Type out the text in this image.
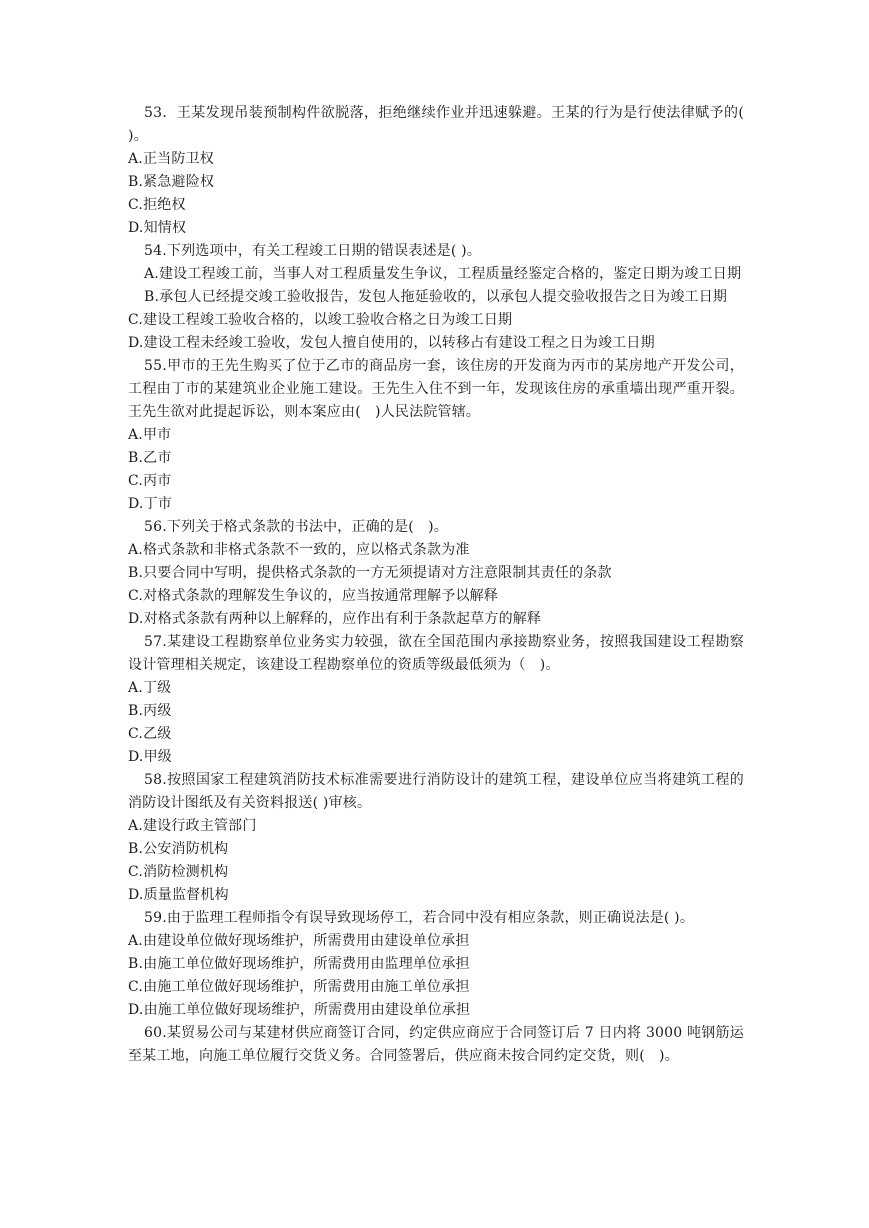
53．王某发现吊装预制构件欲脱落，拒绝继续作业并迅速躲避。王某的行为是行使法律赋予的( )。

A.正当防卫权

B.紧急避险权

C.拒绝权

D.知情权

54.下列选项中，有关工程竣工日期的错误表述是( )。

A.建设工程竣工前，当事人对工程质量发生争议，工程质量经鉴定合格的，鉴定日期为竣工日期

B.承包人已经提交竣工验收报告，发包人拖延验收的，以承包人提交验收报告之日为竣工日期

C.建设工程竣工验收合格的，以竣工验收合格之日为竣工日期

D.建设工程未经竣工验收，发包人擅自使用的，以转移占有建设工程之日为竣工日期

55.甲市的王先生购买了位于乙市的商品房一套，该住房的开发商为丙市的某房地产开发公司，工程由丁市的某建筑业企业施工建设。王先生入住不到一年，发现该住房的承重墙出现严重开裂。王先生欲对此提起诉讼，则本案应由(　)人民法院管辖。

A.甲市

B.乙市

C.丙市

D.丁市

56.下列关于格式条款的书法中，正确的是(　)。

A.格式条款和非格式条款不一致的，应以格式条款为准

B.只要合同中写明，提供格式条款的一方无须提请对方注意限制其责任的条款

C.对格式条款的理解发生争议的，应当按通常理解予以解释

D.对格式条款有两种以上解释的，应作出有利于条款起草方的解释

57.某建设工程勘察单位业务实力较强，欲在全国范围内承接勘察业务，按照我国建设工程勘察设计管理相关规定，该建设工程勘察单位的资质等级最低须为（　)。

A.丁级

B.丙级

C.乙级

D.甲级

58.按照国家工程建筑消防技术标准需要进行消防设计的建筑工程，建设单位应当将建筑工程的消防设计图纸及有关资料报送( )审核。

A.建设行政主管部门

B.公安消防机构

C.消防检测机构

D.质量监督机构

59.由于监理工程师指令有误导致现场停工，若合同中没有相应条款，则正确说法是( )。

A.由建设单位做好现场维护，所需费用由建设单位承担

B.由施工单位做好现场维护，所需费用由监理单位承担

C.由施工单位做好现场维护，所需费用由施工单位承担

D.由施工单位做好现场维护，所需费用由建设单位承担

60.某贸易公司与某建材供应商签订合同，约定供应商应于合同签订后 7 日内将 3000 吨钢筋运至某工地，向施工单位履行交货义务。合同签署后，供应商未按合同约定交货，则(　)。
